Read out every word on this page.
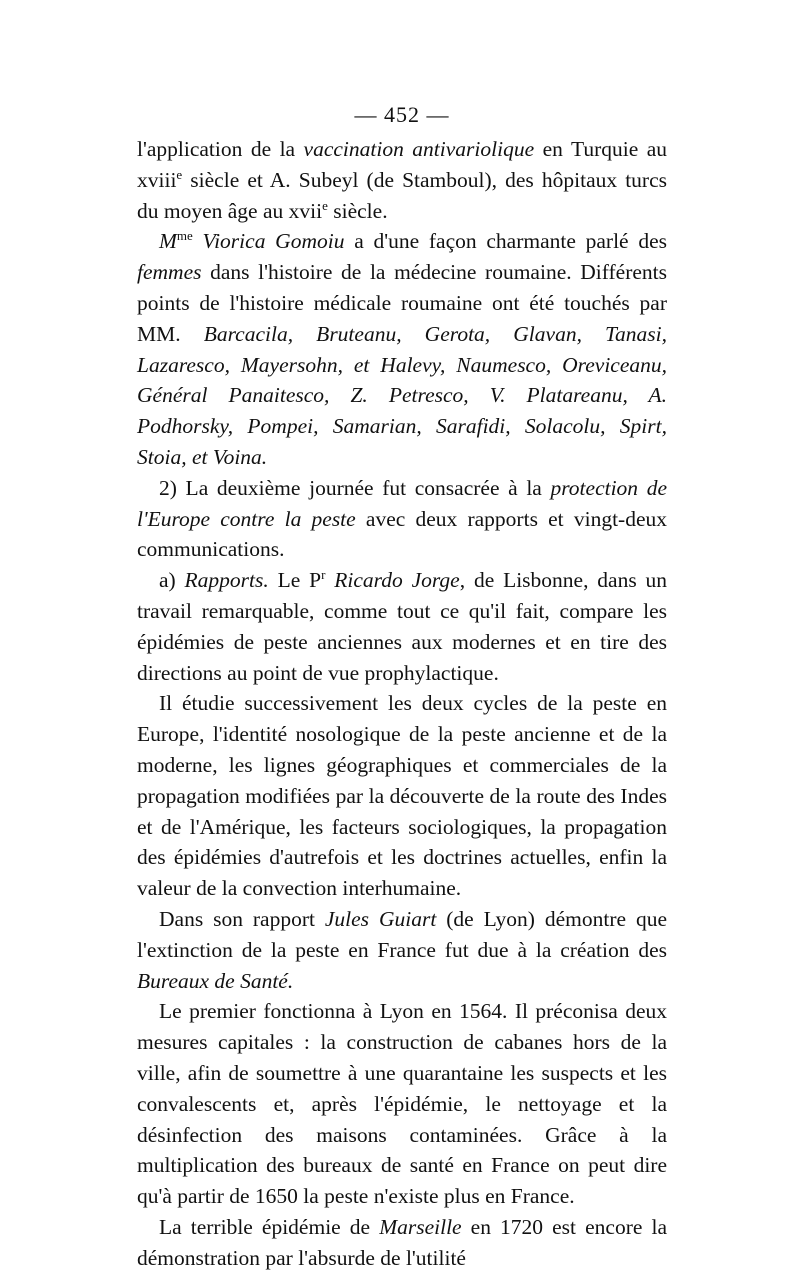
— 452 —

l'application de la vaccination antivariolique en Turquie au xviii$^e$ siècle et A. Subeyl (de Stamboul), des hôpitaux turcs du moyen âge au xvii$^e$ siècle.

$M^{me}$ Viorica Gomoiu a d'une façon charmante parlé des femmes dans l'histoire de la médecine roumaine. Différents points de l'histoire médicale roumaine ont été touchés par MM. Barcacila, Bruteanu, Gerota, Glavan, Tanasi, Lazaresco, Mayersohn, et Halevy, Naumesco, Oreviceanu, Général Panaitesco, Z. Petresco, V. Platareanu, A. Podhorsky, Pompei, Samarian, Sarafidi, Solacolu, Spirt, Stoia, et Voina.

2) La deuxième journée fut consacrée à la protection de l'Europe contre la peste avec deux rapports et vingt-deux communications.

a) Rapports. Le $P^r$ Ricardo Jorge, de Lisbonne, dans un travail remarquable, comme tout ce qu'il fait, compare les épidémies de peste anciennes aux modernes et en tire des directions au point de vue prophylactique.

Il étudie successivement les deux cycles de la peste en Europe, l'identité nosologique de la peste ancienne et de la moderne, les lignes géographiques et commerciales de la propagation modifiées par la découverte de la route des Indes et de l'Amérique, les facteurs sociologiques, la propagation des épidémies d'autrefois et les doctrines actuelles, enfin la valeur de la convection interhumaine.

Dans son rapport Jules Guiart (de Lyon) démontre que l'extinction de la peste en France fut due à la création des Bureaux de Santé.

Le premier fonctionna à Lyon en 1564. Il préconisa deux mesures capitales : la construction de cabanes hors de la ville, afin de soumettre à une quarantaine les suspects et les convalescents et, après l'épidémie, le nettoyage et la désinfection des maisons contaminées. Grâce à la multiplication des bureaux de santé en France on peut dire qu'à partir de 1650 la peste n'existe plus en France.

La terrible épidémie de Marseille en 1720 est encore la démonstration par l'absurde de l'utilité
